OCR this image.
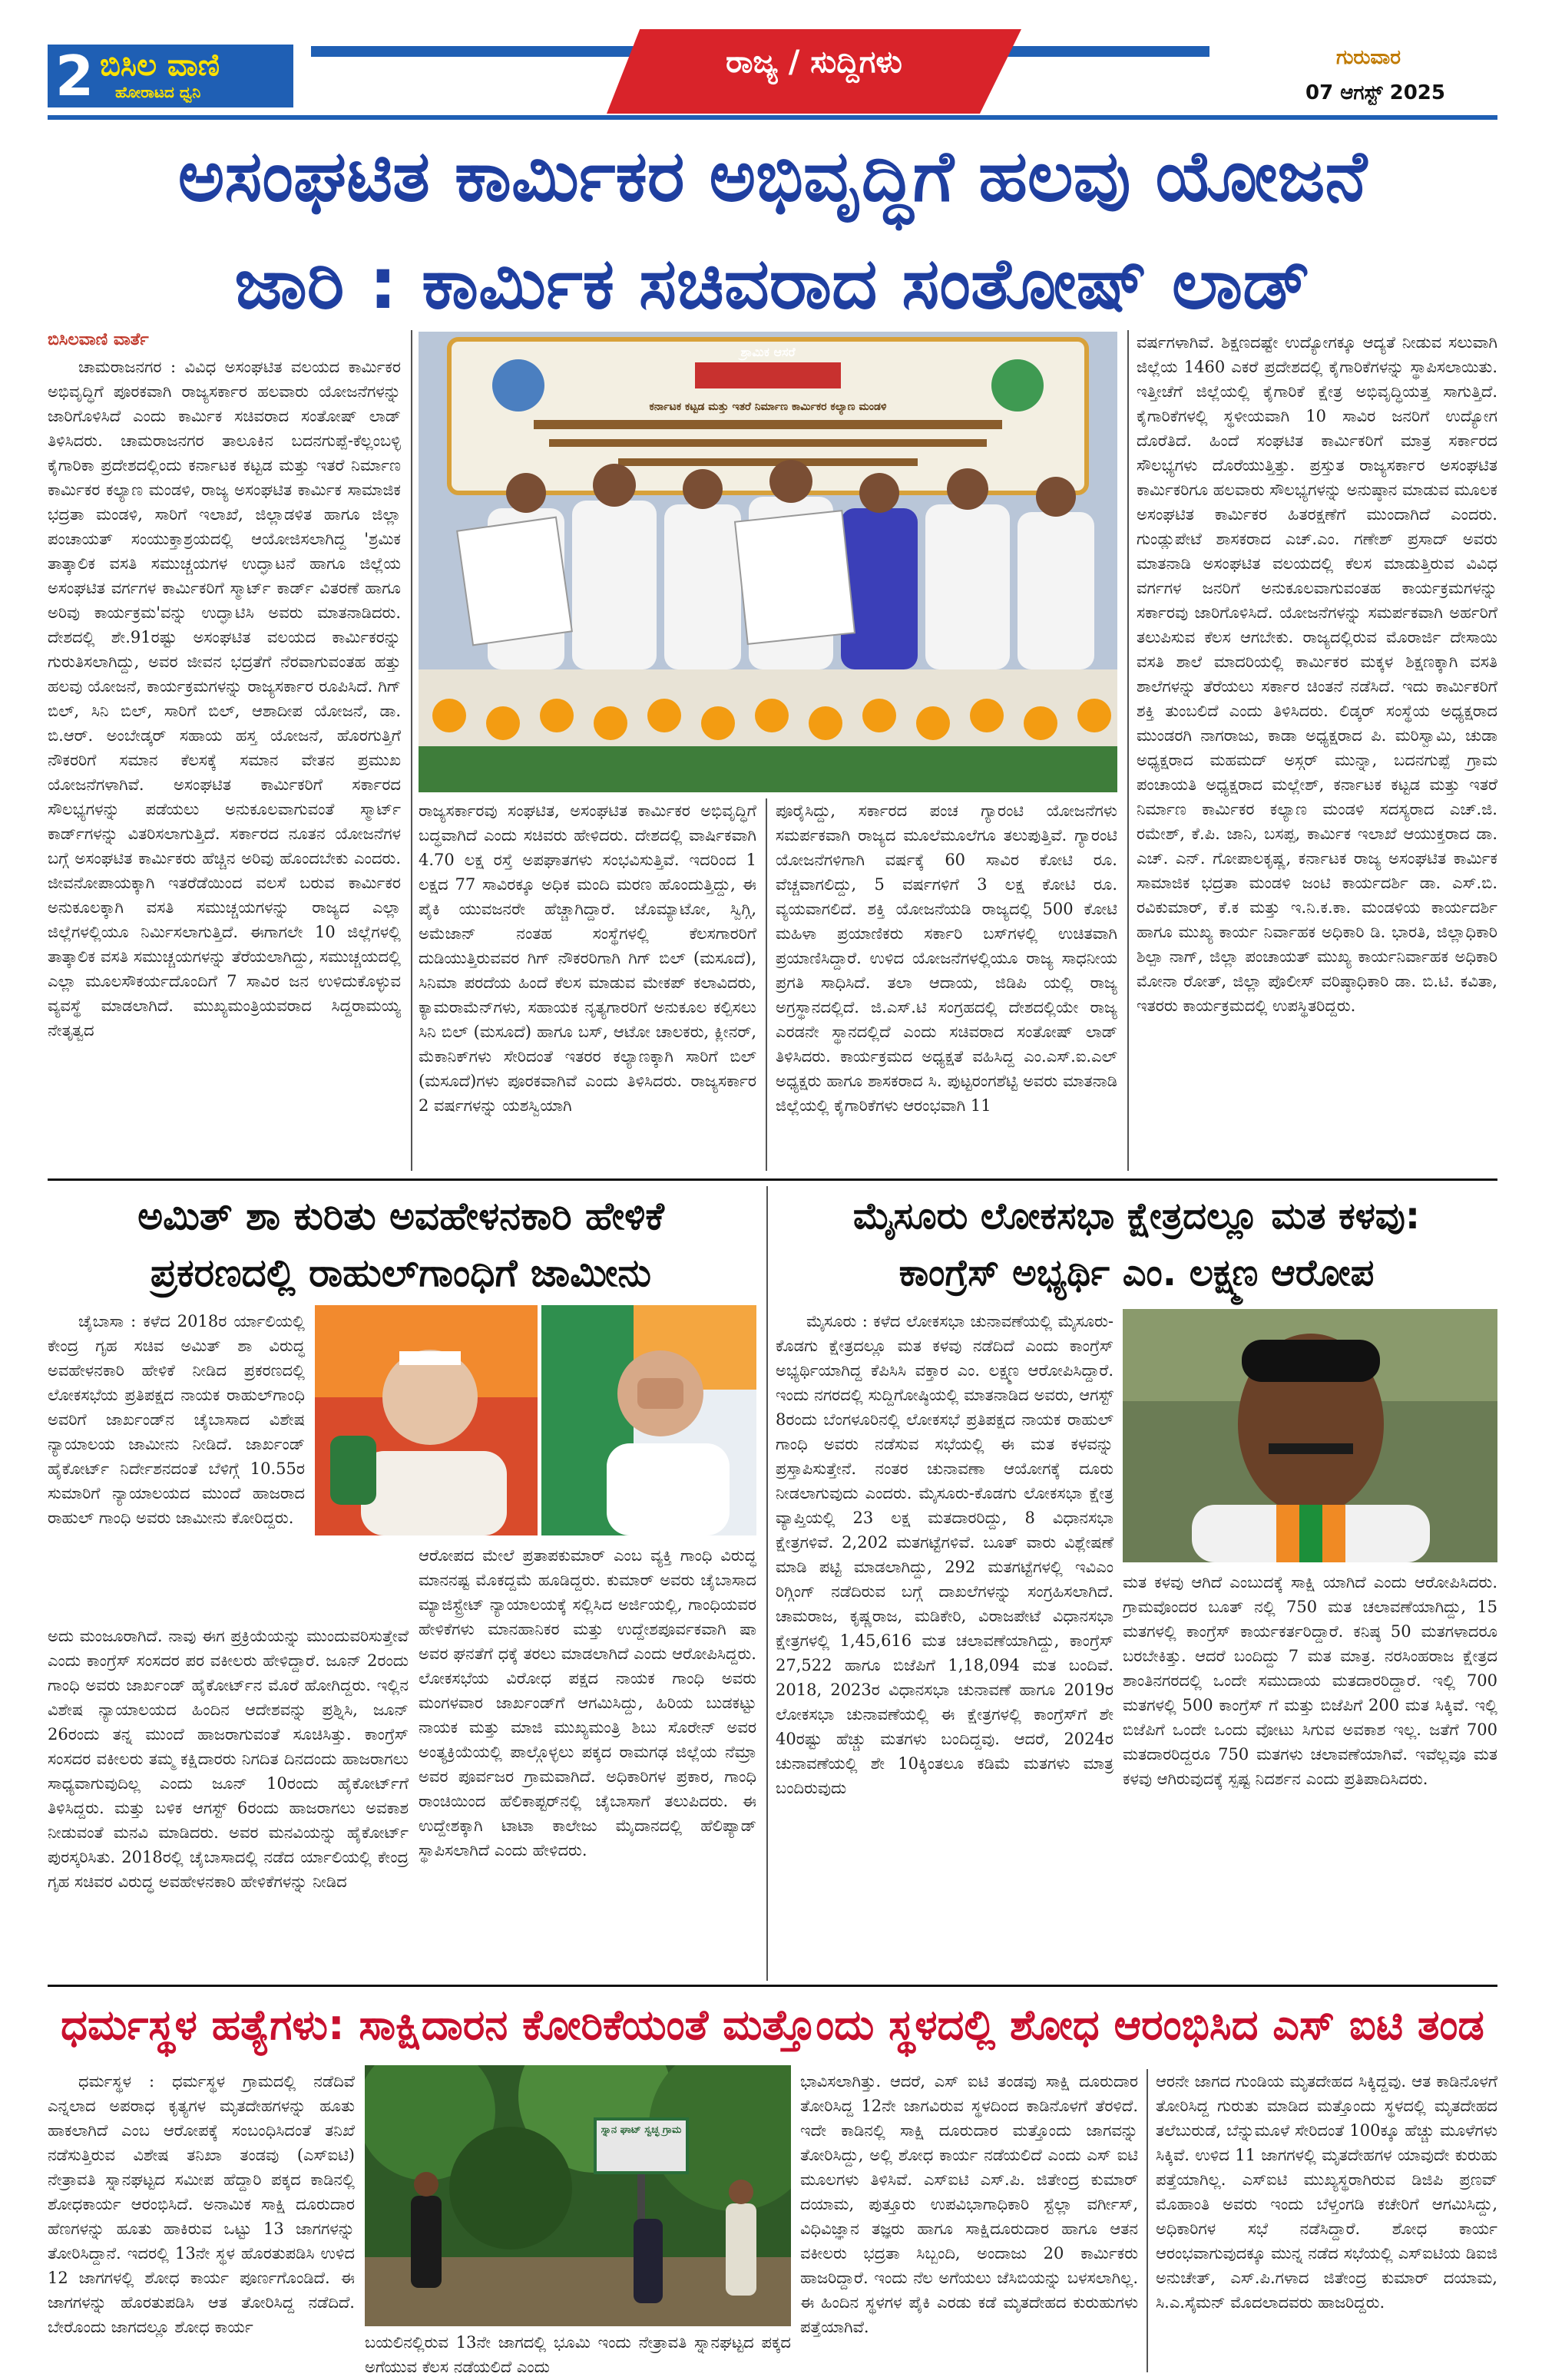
2 ಬಿಸಿಲ ವಾಣಿ
ಹೋರಾಟದ ಧ್ವನಿ
ರಾಜ್ಯ / ಸುದ್ದಿಗಳು	ಗುರುವಾರ
07 ಆಗಸ್ಟ್ 2025
ಅಸಂಘಟಿತ ಕಾರ್ಮಿಕರ ಅಭಿವೃದ್ಧಿಗೆ ಹಲವು ಯೋಜನೆ
ಜಾರಿ : ಕಾರ್ಮಿಕ ಸಚಿವರಾದ ಸಂತೋಷ್ ಲಾಡ್
ಬಿಸಿಲವಾಣಿ ವಾರ್ತೆ

ಚಾಮರಾಜನಗರ : ವಿವಿಧ ಅಸಂಘಟಿತ ವಲಯದ ಕಾರ್ಮಿಕರ ಅಭಿವೃದ್ಧಿಗೆ ಪೂರಕವಾಗಿ ರಾಜ್ಯಸರ್ಕಾರ ಹಲವಾರು ಯೋಜನೆಗಳನ್ನು ಜಾರಿಗೊಳಿಸಿದೆ ಎಂದು ಕಾರ್ಮಿಕ ಸಚಿವರಾದ ಸಂತೋಷ್ ಲಾಡ್ ತಿಳಿಸಿದರು. ಚಾಮರಾಜನಗರ ತಾಲೂಕಿನ ಬದನಗುಪ್ಪೆ-ಕೆಲ್ಲಂಬಳ್ಳಿ ಕೈಗಾರಿಕಾ ಪ್ರದೇಶದಲ್ಲಿಂದು ಕರ್ನಾಟಕ ಕಟ್ಟಡ ಮತ್ತು ಇತರೆ ನಿರ್ಮಾಣ ಕಾರ್ಮಿಕರ ಕಲ್ಯಾಣ ಮಂಡಳಿ, ರಾಜ್ಯ ಅಸಂಘಟಿತ ಕಾರ್ಮಿಕ ಸಾಮಾಜಿಕ ಭದ್ರತಾ ಮಂಡಳಿ, ಸಾರಿಗೆ ಇಲಾಖೆ, ಜಿಲ್ಲಾಡಳಿತ ಹಾಗೂ ಜಿಲ್ಲಾ ಪಂಚಾಯತ್ ಸಂಯುಕ್ತಾಶ್ರಯದಲ್ಲಿ ಆಯೋಜಿಸಲಾಗಿದ್ದ 'ಶ್ರಮಿಕ ತಾತ್ಕಾಲಿಕ ವಸತಿ ಸಮುಚ್ಚಯಗಳ ಉದ್ಘಾಟನೆ ಹಾಗೂ ಜಿಲ್ಲೆಯ ಅಸಂಘಟಿತ ವರ್ಗಗಳ ಕಾರ್ಮಿಕರಿಗೆ ಸ್ಮಾರ್ಟ್ ಕಾರ್ಡ್ ವಿತರಣೆ ಹಾಗೂ ಅರಿವು ಕಾರ್ಯಕ್ರಮ'ವನ್ನು ಉದ್ಘಾಟಿಸಿ ಅವರು ಮಾತನಾಡಿದರು. ದೇಶದಲ್ಲಿ ಶೇ.91ರಷ್ಟು ಅಸಂಘಟಿತ ವಲಯದ ಕಾರ್ಮಿಕರನ್ನು ಗುರುತಿಸಲಾಗಿದ್ದು, ಅವರ ಜೀವನ ಭದ್ರತೆಗೆ ನೆರವಾಗುವಂತಹ ಹತ್ತು ಹಲವು ಯೋಜನೆ, ಕಾರ್ಯಕ್ರಮಗಳನ್ನು ರಾಜ್ಯಸರ್ಕಾರ ರೂಪಿಸಿದೆ. ಗಿಗ್ ಬಿಲ್, ಸಿನಿ ಬಿಲ್, ಸಾರಿಗೆ ಬಿಲ್, ಆಶಾದೀಪ ಯೋಜನೆ, ಡಾ. ಬಿ.ಆರ್. ಅಂಬೇಡ್ಕರ್ ಸಹಾಯ ಹಸ್ತ ಯೋಜನೆ, ಹೊರಗುತ್ತಿಗೆ ನೌಕರರಿಗೆ ಸಮಾನ ಕೆಲಸಕ್ಕೆ ಸಮಾನ ವೇತನ ಪ್ರಮುಖ ಯೋಜನೆಗಳಾಗಿವೆ. ಅಸಂಘಟಿತ ಕಾರ್ಮಿಕರಿಗೆ ಸರ್ಕಾರದ ಸೌಲಭ್ಯಗಳನ್ನು ಪಡೆಯಲು ಅನುಕೂಲವಾಗುವಂತೆ ಸ್ಮಾರ್ಟ್ ಕಾರ್ಡ್‌ಗಳನ್ನು ವಿತರಿಸಲಾಗುತ್ತಿದೆ. ಸರ್ಕಾರದ ನೂತನ ಯೋಜನೆಗಳ ಬಗ್ಗೆ ಅಸಂಘಟಿತ ಕಾರ್ಮಿಕರು ಹೆಚ್ಚಿನ ಅರಿವು ಹೊಂದಬೇಕು ಎಂದರು. ಜೀವನೋಪಾಯಕ್ಕಾಗಿ ಇತರೆಡೆಯಿಂದ ವಲಸೆ ಬರುವ ಕಾರ್ಮಿಕರ ಅನುಕೂಲಕ್ಕಾಗಿ ವಸತಿ ಸಮುಚ್ಚಯಗಳನ್ನು ರಾಜ್ಯದ ಎಲ್ಲಾ ಜಿಲ್ಲೆಗಳಲ್ಲಿಯೂ ನಿರ್ಮಿಸಲಾಗುತ್ತಿದೆ. ಈಗಾಗಲೇ 10 ಜಿಲ್ಲೆಗಳಲ್ಲಿ ತಾತ್ಕಾಲಿಕ ವಸತಿ ಸಮುಚ್ಚಯಗಳನ್ನು ತೆರೆಯಲಾಗಿದ್ದು, ಸಮುಚ್ಚಯದಲ್ಲಿ ಎಲ್ಲಾ ಮೂಲಸೌಕರ್ಯದೊಂದಿಗೆ 7 ಸಾವಿರ ಜನ ಉಳಿದುಕೊಳ್ಳುವ ವ್ಯವಸ್ಥೆ ಮಾಡಲಾಗಿದೆ. ಮುಖ್ಯಮಂತ್ರಿಯವರಾದ ಸಿದ್ದರಾಮಯ್ಯ ನೇತೃತ್ವದ

ಶ್ರಾಮಿಕ ಆಸರೆ
ಕರ್ನಾಟಕ ಕಟ್ಟಡ ಮತ್ತು ಇತರೆ ನಿರ್ಮಾಣ ಕಾರ್ಮಿಕರ ಕಲ್ಯಾಣ ಮಂಡಳಿ

ರಾಜ್ಯಸರ್ಕಾರವು ಸಂಘಟಿತ, ಅಸಂಘಟಿತ ಕಾರ್ಮಿಕರ ಅಭಿವೃದ್ಧಿಗೆ ಬದ್ಧವಾಗಿದೆ ಎಂದು ಸಚಿವರು ಹೇಳಿದರು. ದೇಶದಲ್ಲಿ ವಾರ್ಷಿಕವಾಗಿ 4.70 ಲಕ್ಷ ರಸ್ತೆ ಅಪಘಾತಗಳು ಸಂಭವಿಸುತ್ತಿವೆ. ಇದರಿಂದ 1 ಲಕ್ಷದ 77 ಸಾವಿರಕ್ಕೂ ಅಧಿಕ ಮಂದಿ ಮರಣ ಹೊಂದುತ್ತಿದ್ದು, ಈ ಪೈಕಿ ಯುವಜನರೇ ಹೆಚ್ಚಾಗಿದ್ದಾರೆ. ಜೊಮ್ಯಾಟೋ, ಸ್ವಿಗ್ಗಿ, ಅಮೆಜಾನ್ ನಂತಹ ಸಂಸ್ಥೆಗಳಲ್ಲಿ ಕೆಲಸಗಾರರಿಗೆ ದುಡಿಯುತ್ತಿರುವವರ ಗಿಗ್ ನೌಕರರಿಗಾಗಿ ಗಿಗ್ ಬಿಲ್ (ಮಸೂದೆ), ಸಿನಿಮಾ ಪರದೆಯ ಹಿಂದೆ ಕೆಲಸ ಮಾಡುವ ಮೇಕಪ್ ಕಲಾವಿದರು, ಕ್ಯಾಮರಾಮೆನ್‌ಗಳು, ಸಹಾಯಕ ನೃತ್ಯಗಾರರಿಗೆ ಅನುಕೂಲ ಕಲ್ಪಿಸಲು ಸಿನಿ ಬಿಲ್ (ಮಸೂದೆ) ಹಾಗೂ ಬಸ್, ಆಟೋ ಚಾಲಕರು, ಕ್ಲೀನರ್, ಮೆಕಾನಿಕ್‌ಗಳು ಸೇರಿದಂತೆ ಇತರರ ಕಲ್ಯಾಣಕ್ಕಾಗಿ ಸಾರಿಗೆ ಬಿಲ್ (ಮಸೂದೆ)ಗಳು ಪೂರಕವಾಗಿವೆ ಎಂದು ತಿಳಿಸಿದರು. ರಾಜ್ಯಸರ್ಕಾರ 2 ವರ್ಷಗಳನ್ನು ಯಶಸ್ವಿಯಾಗಿ

ಪೂರೈಸಿದ್ದು, ಸರ್ಕಾರದ ಪಂಚ ಗ್ಯಾರಂಟಿ ಯೋಜನೆಗಳು ಸಮರ್ಪಕವಾಗಿ ರಾಜ್ಯದ ಮೂಲೆಮೂಲೆಗೂ ತಲುಪುತ್ತಿವೆ. ಗ್ಯಾರಂಟಿ ಯೋಜನೆಗಳಿಗಾಗಿ ವರ್ಷಕ್ಕೆ 60 ಸಾವಿರ ಕೋಟಿ ರೂ. ವೆಚ್ಚವಾಗಲಿದ್ದು, 5 ವರ್ಷಗಳಿಗೆ 3 ಲಕ್ಷ ಕೋಟಿ ರೂ. ವ್ಯಯವಾಗಲಿದೆ. ಶಕ್ತಿ ಯೋಜನೆಯಡಿ ರಾಜ್ಯದಲ್ಲಿ 500 ಕೋಟಿ ಮಹಿಳಾ ಪ್ರಯಾಣಿಕರು ಸರ್ಕಾರಿ ಬಸ್‌ಗಳಲ್ಲಿ ಉಚಿತವಾಗಿ ಪ್ರಯಾಣಿಸಿದ್ದಾರೆ. ಉಳಿದ ಯೋಜನೆಗಳಲ್ಲಿಯೂ ರಾಜ್ಯ ಸಾಧನೀಯ ಪ್ರಗತಿ ಸಾಧಿಸಿದೆ. ತಲಾ ಆದಾಯ, ಜಿಡಿಪಿ ಯಲ್ಲಿ ರಾಜ್ಯ ಅಗ್ರಸ್ಥಾನದಲ್ಲಿದೆ. ಜಿ.ಎಸ್.ಟಿ ಸಂಗ್ರಹದಲ್ಲಿ ದೇಶದಲ್ಲಿಯೇ ರಾಜ್ಯ ಎರಡನೇ ಸ್ಥಾನದಲ್ಲಿದೆ ಎಂದು ಸಚಿವರಾದ ಸಂತೋಷ್ ಲಾಡ್ ತಿಳಿಸಿದರು. ಕಾರ್ಯಕ್ರಮದ ಅಧ್ಯಕ್ಷತೆ ವಹಿಸಿದ್ದ ಎಂ.ಎಸ್.ಐ.ಎಲ್ ಅಧ್ಯಕ್ಷರು ಹಾಗೂ ಶಾಸಕರಾದ ಸಿ. ಪುಟ್ಟರಂಗಶೆಟ್ಟಿ ಅವರು ಮಾತನಾಡಿ ಜಿಲ್ಲೆಯಲ್ಲಿ ಕೈಗಾರಿಕೆಗಳು ಆರಂಭವಾಗಿ 11

ವರ್ಷಗಳಾಗಿವೆ. ಶಿಕ್ಷಣದಷ್ಟೇ ಉದ್ಯೋಗಕ್ಕೂ ಆದ್ಯತೆ ನೀಡುವ ಸಲುವಾಗಿ ಜಿಲ್ಲೆಯ 1460 ಎಕರೆ ಪ್ರದೇಶದಲ್ಲಿ ಕೈಗಾರಿಕೆಗಳನ್ನು ಸ್ಥಾಪಿಸಲಾಯಿತು. ಇತ್ತೀಚೆಗೆ ಜಿಲ್ಲೆಯಲ್ಲಿ ಕೈಗಾರಿಕೆ ಕ್ಷೇತ್ರ ಅಭಿವೃದ್ಧಿಯತ್ತ ಸಾಗುತ್ತಿದೆ. ಕೈಗಾರಿಕೆಗಳಲ್ಲಿ ಸ್ಥಳೀಯವಾಗಿ 10 ಸಾವಿರ ಜನರಿಗೆ ಉದ್ಯೋಗ ದೊರೆತಿದೆ. ಹಿಂದೆ ಸಂಘಟಿತ ಕಾರ್ಮಿಕರಿಗೆ ಮಾತ್ರ ಸರ್ಕಾರದ ಸೌಲಭ್ಯಗಳು ದೊರೆಯುತ್ತಿತ್ತು. ಪ್ರಸ್ತುತ ರಾಜ್ಯಸರ್ಕಾರ ಅಸಂಘಟಿತ ಕಾರ್ಮಿಕರಿಗೂ ಹಲವಾರು ಸೌಲಭ್ಯಗಳನ್ನು ಅನುಷ್ಠಾನ ಮಾಡುವ ಮೂಲಕ ಅಸಂಘಟಿತ ಕಾರ್ಮಿಕರ ಹಿತರಕ್ಷಣೆಗೆ ಮುಂದಾಗಿದೆ ಎಂದರು. ಗುಂಡ್ಲುಪೇಟೆ ಶಾಸಕರಾದ ಎಚ್.ಎಂ. ಗಣೇಶ್ ಪ್ರಸಾದ್ ಅವರು ಮಾತನಾಡಿ ಅಸಂಘಟಿತ ವಲಯದಲ್ಲಿ ಕೆಲಸ ಮಾಡುತ್ತಿರುವ ವಿವಿಧ ವರ್ಗಗಳ ಜನರಿಗೆ ಅನುಕೂಲವಾಗುವಂತಹ ಕಾರ್ಯಕ್ರಮಗಳನ್ನು ಸರ್ಕಾರವು ಜಾರಿಗೊಳಿಸಿದೆ. ಯೋಜನೆಗಳನ್ನು ಸಮರ್ಪಕವಾಗಿ ಅರ್ಹರಿಗೆ ತಲುಪಿಸುವ ಕೆಲಸ ಆಗಬೇಕು. ರಾಜ್ಯದಲ್ಲಿರುವ ಮೊರಾರ್ಜಿ ದೇಸಾಯಿ ವಸತಿ ಶಾಲೆ ಮಾದರಿಯಲ್ಲಿ ಕಾರ್ಮಿಕರ ಮಕ್ಕಳ ಶಿಕ್ಷಣಕ್ಕಾಗಿ ವಸತಿ ಶಾಲೆಗಳನ್ನು ತೆರೆಯಲು ಸರ್ಕಾರ ಚಿಂತನೆ ನಡೆಸಿದೆ. ಇದು ಕಾರ್ಮಿಕರಿಗೆ ಶಕ್ತಿ ತುಂಬಲಿದೆ ಎಂದು ತಿಳಿಸಿದರು. ಲಿಡ್ಕರ್ ಸಂಸ್ಥೆಯ ಅಧ್ಯಕ್ಷರಾದ ಮುಂಡರಗಿ ನಾಗರಾಜು, ಕಾಡಾ ಅಧ್ಯಕ್ಷರಾದ ಪಿ. ಮರಿಸ್ವಾಮಿ, ಚುಡಾ ಅಧ್ಯಕ್ಷರಾದ ಮಹಮದ್ ಅಸ್ಗರ್ ಮುನ್ನಾ, ಬದನಗುಪ್ಪೆ ಗ್ರಾಮ ಪಂಚಾಯತಿ ಅಧ್ಯಕ್ಷರಾದ ಮಲ್ಲೇಶ್, ಕರ್ನಾಟಕ ಕಟ್ಟಡ ಮತ್ತು ಇತರೆ ನಿರ್ಮಾಣ ಕಾರ್ಮಿಕರ ಕಲ್ಯಾಣ ಮಂಡಳಿ ಸದಸ್ಯರಾದ ಎಚ್.ಜಿ. ರಮೇಶ್, ಕೆ.ಪಿ. ಜಾನಿ, ಬಸಪ್ಪ, ಕಾರ್ಮಿಕ ಇಲಾಖೆ ಆಯುಕ್ತರಾದ ಡಾ. ಎಚ್. ಎನ್. ಗೋಪಾಲಕೃಷ್ಣ, ಕರ್ನಾಟಕ ರಾಜ್ಯ ಅಸಂಘಟಿತ ಕಾರ್ಮಿಕ ಸಾಮಾಜಿಕ ಭದ್ರತಾ ಮಂಡಳಿ ಜಂಟಿ ಕಾರ್ಯದರ್ಶಿ ಡಾ. ಎಸ್.ಬಿ. ರವಿಕುಮಾರ್, ಕೆ.ಕ ಮತ್ತು ಇ.ನಿ.ಕ.ಕಾ. ಮಂಡಳಿಯ ಕಾರ್ಯದರ್ಶಿ ಹಾಗೂ ಮುಖ್ಯ ಕಾರ್ಯ ನಿರ್ವಾಹಕ ಅಧಿಕಾರಿ ಡಿ. ಭಾರತಿ, ಜಿಲ್ಲಾಧಿಕಾರಿ ಶಿಲ್ಪಾ ನಾಗ್, ಜಿಲ್ಲಾ ಪಂಚಾಯತ್ ಮುಖ್ಯ ಕಾರ್ಯನಿರ್ವಾಹಕ ಅಧಿಕಾರಿ ಮೋನಾ ರೋತ್, ಜಿಲ್ಲಾ ಪೊಲೀಸ್ ವರಿಷ್ಠಾಧಿಕಾರಿ ಡಾ. ಬಿ.ಟಿ. ಕವಿತಾ, ಇತರರು ಕಾರ್ಯಕ್ರಮದಲ್ಲಿ ಉಪಸ್ಥಿತರಿದ್ದರು.

ಅಮಿತ್ ಶಾ ಕುರಿತು ಅವಹೇಳನಕಾರಿ ಹೇಳಿಕೆ
ಪ್ರಕರಣದಲ್ಲಿ ರಾಹುಲ್‌ಗಾಂಧಿಗೆ ಜಾಮೀನು

ಚೈಬಾಸಾ : ಕಳೆದ 2018ರ ರ್ಯಾಲಿಯಲ್ಲಿ ಕೇಂದ್ರ ಗೃಹ ಸಚಿವ ಅಮಿತ್ ಶಾ ವಿರುದ್ಧ ಅವಹೇಳನಕಾರಿ ಹೇಳಿಕೆ ನೀಡಿದ ಪ್ರಕರಣದಲ್ಲಿ ಲೋಕಸಭೆಯ ಪ್ರತಿಪಕ್ಷದ ನಾಯಕ ರಾಹುಲ್‌ಗಾಂಧಿ ಅವರಿಗೆ ಜಾರ್ಖಂಡ್‌ನ ಚೈಬಾಸಾದ ವಿಶೇಷ ನ್ಯಾಯಾಲಯ ಜಾಮೀನು ನೀಡಿದೆ. ಜಾರ್ಖಂಡ್ ಹೈಕೋರ್ಟ್ ನಿರ್ದೇಶನದಂತೆ ಬೆಳಿಗ್ಗೆ 10.55ರ ಸುಮಾರಿಗೆ ನ್ಯಾಯಾಲಯದ ಮುಂದೆ ಹಾಜರಾದ ರಾಹುಲ್ ಗಾಂಧಿ ಅವರು ಜಾಮೀನು ಕೋರಿದ್ದರು.

ಅದು ಮಂಜೂರಾಗಿದೆ. ನಾವು ಈಗ ಪ್ರಕ್ರಿಯೆಯನ್ನು ಮುಂದುವರಿಸುತ್ತೇವೆ ಎಂದು ಕಾಂಗ್ರೆಸ್ ಸಂಸದರ ಪರ ವಕೀಲರು ಹೇಳಿದ್ದಾರೆ. ಜೂನ್ 2ರಂದು ಗಾಂಧಿ ಅವರು ಜಾರ್ಖಂಡ್ ಹೈಕೋರ್ಟ್‌ನ ಮೊರೆ ಹೋಗಿದ್ದರು. ಇಲ್ಲಿನ ವಿಶೇಷ ನ್ಯಾಯಾಲಯದ ಹಿಂದಿನ ಆದೇಶವನ್ನು ಪ್ರಶ್ನಿಸಿ, ಜೂನ್ 26ರಂದು ತನ್ನ ಮುಂದೆ ಹಾಜರಾಗುವಂತೆ ಸೂಚಿಸಿತ್ತು. ಕಾಂಗ್ರೆಸ್ ಸಂಸದರ ವಕೀಲರು ತಮ್ಮ ಕಕ್ಷಿದಾರರು ನಿಗದಿತ ದಿನದಂದು ಹಾಜರಾಗಲು ಸಾಧ್ಯವಾಗುವುದಿಲ್ಲ ಎಂದು ಜೂನ್ 10ರಂದು ಹೈಕೋರ್ಟ್‌ಗೆ ತಿಳಿಸಿದ್ದರು. ಮತ್ತು ಬಳಿಕ ಆಗಸ್ಟ್ 6ರಂದು ಹಾಜರಾಗಲು ಅವಕಾಶ ನೀಡುವಂತೆ ಮನವಿ ಮಾಡಿದರು. ಅವರ ಮನವಿಯನ್ನು ಹೈಕೋರ್ಟ್ ಪುರಸ್ಕರಿಸಿತು. 2018ರಲ್ಲಿ ಚೈಬಾಸಾದಲ್ಲಿ ನಡೆದ ರ್ಯಾಲಿಯಲ್ಲಿ ಕೇಂದ್ರ ಗೃಹ ಸಚಿವರ ವಿರುದ್ಧ ಅವಹೇಳನಕಾರಿ ಹೇಳಿಕೆಗಳನ್ನು ನೀಡಿದ

ಆರೋಪದ ಮೇಲೆ ಪ್ರತಾಪಕುಮಾರ್ ಎಂಬ ವ್ಯಕ್ತಿ ಗಾಂಧಿ ವಿರುದ್ಧ ಮಾನನಷ್ಟ ಮೊಕದ್ದಮೆ ಹೂಡಿದ್ದರು. ಕುಮಾರ್ ಅವರು ಚೈಬಾಸಾದ ಮ್ಯಾಜಿಸ್ಟ್ರೇಟ್ ನ್ಯಾಯಾಲಯಕ್ಕೆ ಸಲ್ಲಿಸಿದ ಅರ್ಜಿಯಲ್ಲಿ, ಗಾಂಧಿಯವರ ಹೇಳಿಕೆಗಳು ಮಾನಹಾನಿಕರ ಮತ್ತು ಉದ್ದೇಶಪೂರ್ವಕವಾಗಿ ಷಾ ಅವರ ಘನತೆಗೆ ಧಕ್ಕೆ ತರಲು ಮಾಡಲಾಗಿದೆ ಎಂದು ಆರೋಪಿಸಿದ್ದರು. ಲೋಕಸಭೆಯ ವಿರೋಧ ಪಕ್ಷದ ನಾಯಕ ಗಾಂಧಿ ಅವರು ಮಂಗಳವಾರ ಜಾರ್ಖಂಡ್‌ಗೆ ಆಗಮಿಸಿದ್ದು, ಹಿರಿಯ ಬುಡಕಟ್ಟು ನಾಯಕ ಮತ್ತು ಮಾಜಿ ಮುಖ್ಯಮಂತ್ರಿ ಶಿಬು ಸೊರೇನ್ ಅವರ ಅಂತ್ಯಕ್ರಿಯೆಯಲ್ಲಿ ಪಾಲ್ಗೊಳ್ಳಲು ಪಕ್ಕದ ರಾಮಗಢ ಜಿಲ್ಲೆಯ ನೆಮ್ರಾ ಅವರ ಪೂರ್ವಜರ ಗ್ರಾಮವಾಗಿದೆ. ಅಧಿಕಾರಿಗಳ ಪ್ರಕಾರ, ಗಾಂಧಿ ರಾಂಚಿಯಿಂದ ಹೆಲಿಕಾಪ್ಟರ್‌ನಲ್ಲಿ ಚೈಬಾಸಾಗೆ ತಲುಪಿದರು. ಈ ಉದ್ದೇಶಕ್ಕಾಗಿ ಟಾಟಾ ಕಾಲೇಜು ಮೈದಾನದಲ್ಲಿ ಹೆಲಿಪ್ಯಾಡ್ ಸ್ಥಾಪಿಸಲಾಗಿದೆ ಎಂದು ಹೇಳಿದರು.

ಮೈಸೂರು ಲೋಕಸಭಾ ಕ್ಷೇತ್ರದಲ್ಲೂ ಮತ ಕಳವು:
ಕಾಂಗ್ರೆಸ್ ಅಭ್ಯರ್ಥಿ ಎಂ. ಲಕ್ಷ್ಮಣ ಆರೋಪ

ಮೈಸೂರು : ಕಳೆದ ಲೋಕಸಭಾ ಚುನಾವಣೆಯಲ್ಲಿ ಮೈಸೂರು-ಕೊಡಗು ಕ್ಷೇತ್ರದಲ್ಲೂ ಮತ ಕಳವು ನಡೆದಿದೆ ಎಂದು ಕಾಂಗ್ರೆಸ್ ಅಭ್ಯರ್ಥಿಯಾಗಿದ್ದ ಕೆಪಿಸಿಸಿ ವಕ್ತಾರ ಎಂ. ಲಕ್ಷ್ಮಣ ಆರೋಪಿಸಿದ್ದಾರೆ. ಇಂದು ನಗರದಲ್ಲಿ ಸುದ್ದಿಗೋಷ್ಠಿಯಲ್ಲಿ ಮಾತನಾಡಿದ ಅವರು, ಆಗಸ್ಟ್ 8ರಂದು ಬೆಂಗಳೂರಿನಲ್ಲಿ ಲೋಕಸಭೆ ಪ್ರತಿಪಕ್ಷದ ನಾಯಕ ರಾಹುಲ್ ಗಾಂಧಿ ಅವರು ನಡೆಸುವ ಸಭೆಯಲ್ಲಿ ಈ ಮತ ಕಳವನ್ನು ಪ್ರಸ್ತಾಪಿಸುತ್ತೇನೆ. ನಂತರ ಚುನಾವಣಾ ಆಯೋಗಕ್ಕೆ ದೂರು ನೀಡಲಾಗುವುದು ಎಂದರು. ಮೈಸೂರು-ಕೊಡಗು ಲೋಕಸಭಾ ಕ್ಷೇತ್ರ ವ್ಯಾಪ್ತಿಯಲ್ಲಿ 23 ಲಕ್ಷ ಮತದಾರರಿದ್ದು, 8 ವಿಧಾನಸಭಾ ಕ್ಷೇತ್ರಗಳಿವೆ. 2,202 ಮತಗಟ್ಟೆಗಳಿವೆ. ಬೂತ್ ವಾರು ವಿಶ್ಲೇಷಣೆ ಮಾಡಿ ಪಟ್ಟಿ ಮಾಡಲಾಗಿದ್ದು, 292 ಮತಗಟ್ಟೆಗಳಲ್ಲಿ ಇವಿಎಂ ರಿಗ್ಗಿಂಗ್ ನಡೆದಿರುವ ಬಗ್ಗೆ ದಾಖಲೆಗಳನ್ನು ಸಂಗ್ರಹಿಸಲಾಗಿದೆ. ಚಾಮರಾಜ, ಕೃಷ್ಣರಾಜ, ಮಡಿಕೇರಿ, ವಿರಾಜಪೇಟೆ ವಿಧಾನಸಭಾ ಕ್ಷೇತ್ರಗಳಲ್ಲಿ 1,45,616 ಮತ ಚಲಾವಣೆಯಾಗಿದ್ದು, ಕಾಂಗ್ರೆಸ್ 27,522 ಹಾಗೂ ಬಿಜೆಪಿಗೆ 1,18,094 ಮತ ಬಂದಿವೆ. 2018, 2023ರ ವಿಧಾನಸಭಾ ಚುನಾವಣೆ ಹಾಗೂ 2019ರ ಲೋಕಸಭಾ ಚುನಾವಣೆಯಲ್ಲಿ ಈ ಕ್ಷೇತ್ರಗಳಲ್ಲಿ ಕಾಂಗ್ರೆಸ್‌ಗೆ ಶೇ 40ರಷ್ಟು ಹೆಚ್ಚು ಮತಗಳು ಬಂದಿದ್ದವು. ಆದರೆ, 2024ರ ಚುನಾವಣೆಯಲ್ಲಿ ಶೇ 10ಕ್ಕಿಂತಲೂ ಕಡಿಮೆ ಮತಗಳು ಮಾತ್ರ ಬಂದಿರುವುದು

ಮತ ಕಳವು ಆಗಿದೆ ಎಂಬುದಕ್ಕೆ ಸಾಕ್ಷಿ ಯಾಗಿದೆ ಎಂದು ಆರೋಪಿಸಿದರು. ಗ್ರಾಮವೊಂದರ ಬೂತ್ ನಲ್ಲಿ 750 ಮತ ಚಲಾವಣೆಯಾಗಿದ್ದು, 15 ಮತಗಳಲ್ಲಿ ಕಾಂಗ್ರೆಸ್ ಕಾರ್ಯಕರ್ತರಿದ್ದಾರೆ. ಕನಿಷ್ಠ 50 ಮತಗಳಾದರೂ ಬರಬೇಕಿತ್ತು. ಆದರೆ ಬಂದಿದ್ದು 7 ಮತ ಮಾತ್ರ. ನರಸಿಂಹರಾಜ ಕ್ಷೇತ್ರದ ಶಾಂತಿನಗರದಲ್ಲಿ ಒಂದೇ ಸಮುದಾಯ ಮತದಾರರಿದ್ದಾರೆ. ಇಲ್ಲಿ 700 ಮತಗಳಲ್ಲಿ 500 ಕಾಂಗ್ರೆಸ್ ಗೆ ಮತ್ತು ಬಿಜೆಪಿಗೆ 200 ಮತ ಸಿಕ್ಕಿವೆ. ಇಲ್ಲಿ ಬಿಜೆಪಿಗೆ ಒಂದೇ ಒಂದು ವೋಟು ಸಿಗುವ ಅವಕಾಶ ಇಲ್ಲ. ಜತೆಗೆ 700 ಮತದಾರರಿದ್ದರೂ 750 ಮತಗಳು ಚಲಾವಣೆಯಾಗಿವೆ. ಇವೆಲ್ಲವೂ ಮತ ಕಳವು ಆಗಿರುವುದಕ್ಕೆ ಸ್ಪಷ್ಟ ನಿದರ್ಶನ ಎಂದು ಪ್ರತಿಪಾದಿಸಿದರು.

ಧರ್ಮಸ್ಥಳ ಹತ್ಯೆಗಳು: ಸಾಕ್ಷಿದಾರನ ಕೋರಿಕೆಯಂತೆ ಮತ್ತೊಂದು ಸ್ಥಳದಲ್ಲಿ ಶೋಧ ಆರಂಭಿಸಿದ ಎಸ್ ಐಟಿ ತಂಡ

ಧರ್ಮಸ್ಥಳ : ಧರ್ಮಸ್ಥಳ ಗ್ರಾಮದಲ್ಲಿ ನಡೆದಿವೆ ಎನ್ನಲಾದ ಅಪರಾಧ ಕೃತ್ಯಗಳ ಮೃತದೇಹಗಳನ್ನು ಹೂತು ಹಾಕಲಾಗಿದೆ ಎಂಬ ಆರೋಪಕ್ಕೆ ಸಂಬಂಧಿಸಿದಂತೆ ತನಿಖೆ ನಡೆಸುತ್ತಿರುವ ವಿಶೇಷ ತನಿಖಾ ತಂಡವು (ಎಸ್‌ಐಟಿ) ನೇತ್ರಾವತಿ ಸ್ನಾನಘಟ್ಟದ ಸಮೀಪ ಹೆದ್ದಾರಿ ಪಕ್ಕದ ಕಾಡಿನಲ್ಲಿ ಶೋಧಕಾರ್ಯ ಆರಂಭಿಸಿದೆ. ಅನಾಮಿಕ ಸಾಕ್ಷಿ ದೂರುದಾರ ಹೆಣಗಳನ್ನು ಹೂತು ಹಾಕಿರುವ ಒಟ್ಟು 13 ಜಾಗಗಳನ್ನು ತೋರಿಸಿದ್ದಾನೆ. ಇದರಲ್ಲಿ 13ನೇ ಸ್ಥಳ ಹೊರತುಪಡಿಸಿ ಉಳಿದ 12 ಜಾಗಗಳಲ್ಲಿ ಶೋಧ ಕಾರ್ಯ ಪೂರ್ಣಗೊಂಡಿದೆ. ಈ ಜಾಗಗಳನ್ನು ಹೊರತುಪಡಿಸಿ ಆತ ತೋರಿಸಿದ್ದ ನಡೆದಿದೆ. ಬೇರೊಂದು ಜಾಗದಲ್ಲೂ ಶೋಧ ಕಾರ್ಯ

ಸ್ನಾನ ಘಾಟ್ ಸ್ವಚ್ಛ ಗ್ರಾಮ
ಬಯಲಿನಲ್ಲಿರುವ 13ನೇ ಜಾಗದಲ್ಲಿ ಭೂಮಿ ಇಂದು ನೇತ್ರಾವತಿ ಸ್ನಾನಘಟ್ಟದ ಪಕ್ಕದ ಅಗೆಯುವ ಕೆಲಸ ನಡೆಯಲಿದೆ ಎಂದು

ಭಾವಿಸಲಾಗಿತ್ತು. ಆದರೆ, ಎಸ್ ಐಟಿ ತಂಡವು ಸಾಕ್ಷಿ ದೂರುದಾರ ತೋರಿಸಿದ್ದ 12ನೇ ಜಾಗವಿರುವ ಸ್ಥಳದಿಂದ ಕಾಡಿನೊಳಗೆ ತೆರಳಿದೆ. ಇದೇ ಕಾಡಿನಲ್ಲಿ ಸಾಕ್ಷಿ ದೂರುದಾರ ಮತ್ತೊಂದು ಜಾಗವನ್ನು ತೋರಿಸಿದ್ದು, ಅಲ್ಲಿ ಶೋಧ ಕಾರ್ಯ ನಡೆಯಲಿದೆ ಎಂದು ಎಸ್ ಐಟಿ ಮೂಲಗಳು ತಿಳಿಸಿವೆ. ಎಸ್‌ಐಟಿ ಎಸ್.ಪಿ. ಜಿತೇಂದ್ರ ಕುಮಾರ್ ದಯಾಮ, ಪುತ್ತೂರು ಉಪವಿಭಾಗಾಧಿಕಾರಿ ಸ್ಟೆಲ್ಲಾ ವರ್ಗೀಸ್, ವಿಧಿವಿಜ್ಞಾನ ತಜ್ಞರು ಹಾಗೂ ಸಾಕ್ಷಿದೂರುದಾರ ಹಾಗೂ ಆತನ ವಕೀಲರು ಭದ್ರತಾ ಸಿಬ್ಬಂದಿ, ಅಂದಾಜು 20 ಕಾರ್ಮಿಕರು ಹಾಜರಿದ್ದಾರೆ. ಇಂದು ನೆಲ ಅಗೆಯಲು ಜೆಸಿಬಿಯನ್ನು ಬಳಸಲಾಗಿಲ್ಲ. ಈ ಹಿಂದಿನ ಸ್ಥಳಗಳ ಪೈಕಿ ಎರಡು ಕಡೆ ಮೃತದೇಹದ ಕುರುಹುಗಳು ಪತ್ತೆಯಾಗಿವೆ.

ಆರನೇ ಜಾಗದ ಗುಂಡಿಯ ಮೃತದೇಹದ ಸಿಕ್ಕಿದ್ದವು. ಆತ ಕಾಡಿನೊಳಗೆ ತೋರಿಸಿದ್ದ ಗುರುತು ಮಾಡಿದ ಮತ್ತೊಂದು ಸ್ಥಳದಲ್ಲಿ ಮೃತದೇಹದ ತಲೆಬುರುಡೆ, ಬೆನ್ನುಮೂಳೆ ಸೇರಿದಂತೆ 100ಕ್ಕೂ ಹೆಚ್ಚು ಮೂಳೆಗಳು ಸಿಕ್ಕಿವೆ. ಉಳಿದ 11 ಜಾಗಗಳಲ್ಲಿ ಮೃತದೇಹಗಳ ಯಾವುದೇ ಕುರುಹು ಪತ್ತೆಯಾಗಿಲ್ಲ. ಎಸ್‌ಐಟಿ ಮುಖ್ಯಸ್ಥರಾಗಿರುವ ಡಿಜಿಪಿ ಪ್ರಣವ್ ಮೊಹಾಂತಿ ಅವರು ಇಂದು ಬೆಳ್ತಂಗಡಿ ಕಚೇರಿಗೆ ಆಗಮಿಸಿದ್ದು, ಅಧಿಕಾರಿಗಳ ಸಭೆ ನಡೆಸಿದ್ದಾರೆ. ಶೋಧ ಕಾರ್ಯ ಆರಂಭವಾಗುವುದಕ್ಕೂ ಮುನ್ನ ನಡೆದ ಸಭೆಯಲ್ಲಿ ಎಸ್‌ಐಟಿಯ ಡಿಐಜಿ ಅನುಚೇತ್, ಎಸ್.ಪಿ.ಗಳಾದ ಜಿತೇಂದ್ರ ಕುಮಾರ್ ದಯಾಮ, ಸಿ.ಎ.ಸೈಮನ್ ಮೊದಲಾದವರು ಹಾಜರಿದ್ದರು.
